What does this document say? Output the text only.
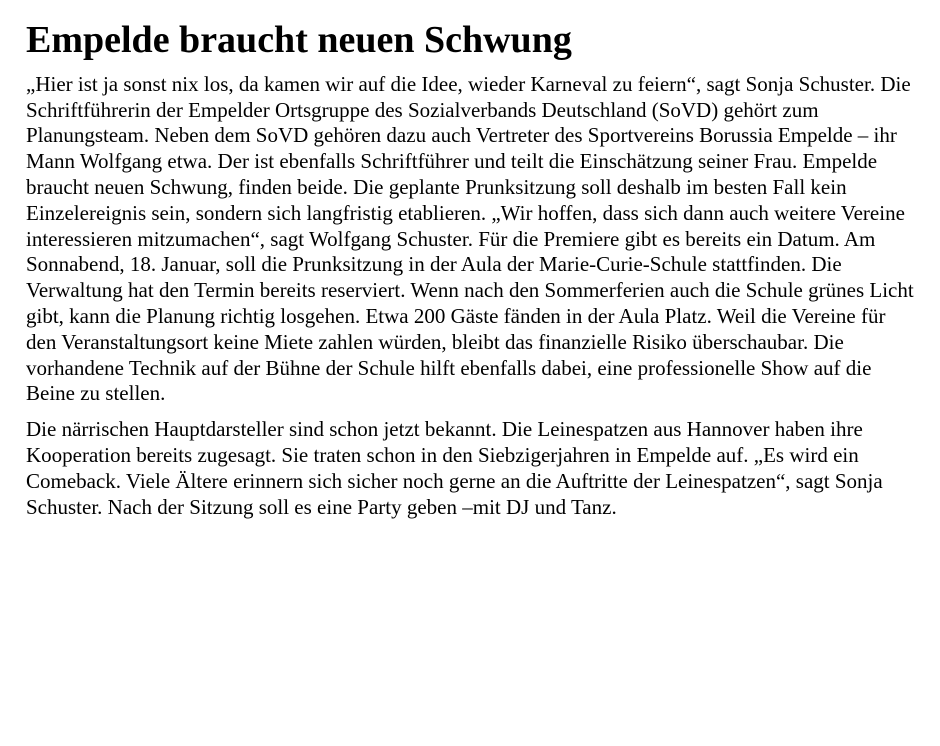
Empelde braucht neuen Schwung

„Hier ist ja sonst nix los, da kamen wir auf die Idee, wieder Karneval zu feiern“, sagt Sonja Schuster. Die Schriftführerin der Empelder Ortsgruppe des Sozialverbands Deutschland (SoVD) gehört zum Planungsteam. Neben dem SoVD gehören dazu auch Vertreter des Sportvereins Borussia Empelde – ihr Mann Wolfgang etwa. Der ist ebenfalls Schriftführer und teilt die Einschätzung seiner Frau. Empelde braucht neuen Schwung, finden beide. Die geplante Prunksitzung soll deshalb im besten Fall kein Einzelereignis sein, sondern sich langfristig etablieren. „Wir hoffen, dass sich dann auch weitere Vereine interessieren mitzumachen“, sagt Wolfgang Schuster. Für die Premiere gibt es bereits ein Datum. Am Sonnabend, 18. Januar, soll die Prunksitzung in der Aula der Marie-Curie-Schule stattfinden. Die Verwaltung hat den Termin bereits reserviert. Wenn nach den Sommerferien auch die Schule grünes Licht gibt, kann die Planung richtig losgehen. Etwa 200 Gäste fänden in der Aula Platz. Weil die Vereine für den Veranstaltungsort keine Miete zahlen würden, bleibt das finanzielle Risiko überschaubar. Die vorhandene Technik auf der Bühne der Schule hilft ebenfalls dabei, eine professionelle Show auf die Beine zu stellen.

Die närrischen Hauptdarsteller sind schon jetzt bekannt. Die Leinespatzen aus Hannover haben ihre Kooperation bereits zugesagt. Sie traten schon in den Siebzigerjahren in Empelde auf. „Es wird ein Comeback. Viele Ältere erinnern sich sicher noch gerne an die Auftritte der Leinespatzen“, sagt Sonja Schuster. Nach der Sitzung soll es eine Party geben –mit DJ und Tanz.
